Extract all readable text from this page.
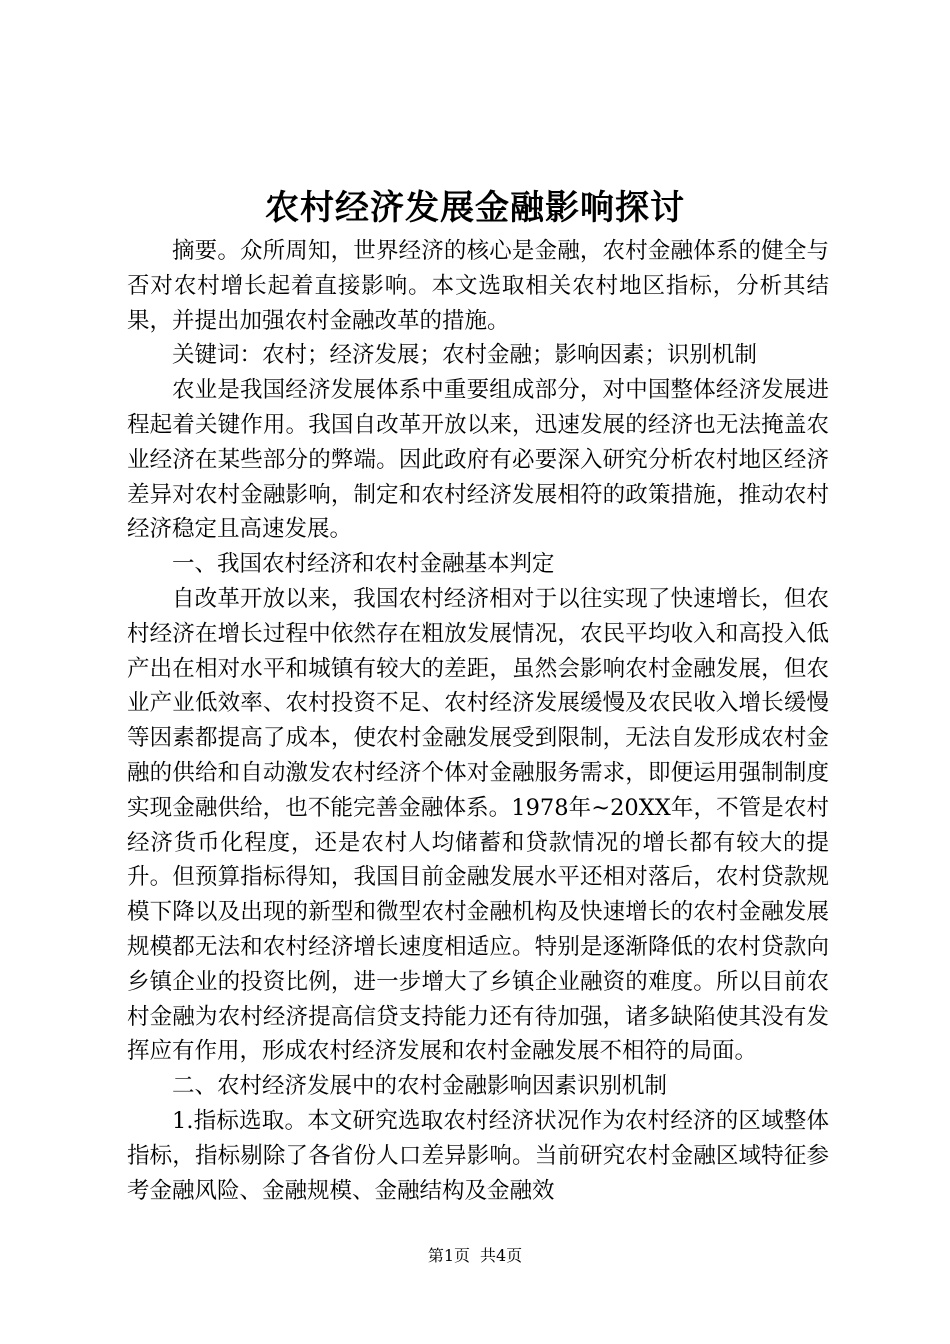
农村经济发展金融影响探讨

摘要。众所周知，世界经济的核心是金融，农村金融体系的健全与否对农村增长起着直接影响。本文选取相关农村地区指标，分析其结果，并提出加强农村金融改革的措施。

关键词：农村；经济发展；农村金融；影响因素；识别机制

农业是我国经济发展体系中重要组成部分，对中国整体经济发展进程起着关键作用。我国自改革开放以来，迅速发展的经济也无法掩盖农业经济在某些部分的弊端。因此政府有必要深入研究分析农村地区经济差异对农村金融影响，制定和农村经济发展相符的政策措施，推动农村经济稳定且高速发展。

一、我国农村经济和农村金融基本判定

自改革开放以来，我国农村经济相对于以往实现了快速增长，但农村经济在增长过程中依然存在粗放发展情况，农民平均收入和高投入低产出在相对水平和城镇有较大的差距，虽然会影响农村金融发展，但农业产业低效率、农村投资不足、农村经济发展缓慢及农民收入增长缓慢等因素都提高了成本，使农村金融发展受到限制，无法自发形成农村金融的供给和自动激发农村经济个体对金融服务需求，即便运用强制制度实现金融供给，也不能完善金融体系。1978年~20XX年，不管是农村经济货币化程度，还是农村人均储蓄和贷款情况的增长都有较大的提升。但预算指标得知，我国目前金融发展水平还相对落后，农村贷款规模下降以及出现的新型和微型农村金融机构及快速增长的农村金融发展规模都无法和农村经济增长速度相适应。特别是逐渐降低的农村贷款向乡镇企业的投资比例，进一步增大了乡镇企业融资的难度。所以目前农村金融为农村经济提高信贷支持能力还有待加强，诸多缺陷使其没有发挥应有作用，形成农村经济发展和农村金融发展不相符的局面。

二、农村经济发展中的农村金融影响因素识别机制

1.指标选取。本文研究选取农村经济状况作为农村经济的区域整体指标，指标剔除了各省份人口差异影响。当前研究农村金融区域特征参考金融风险、金融规模、金融结构及金融效

第1页 共4页
